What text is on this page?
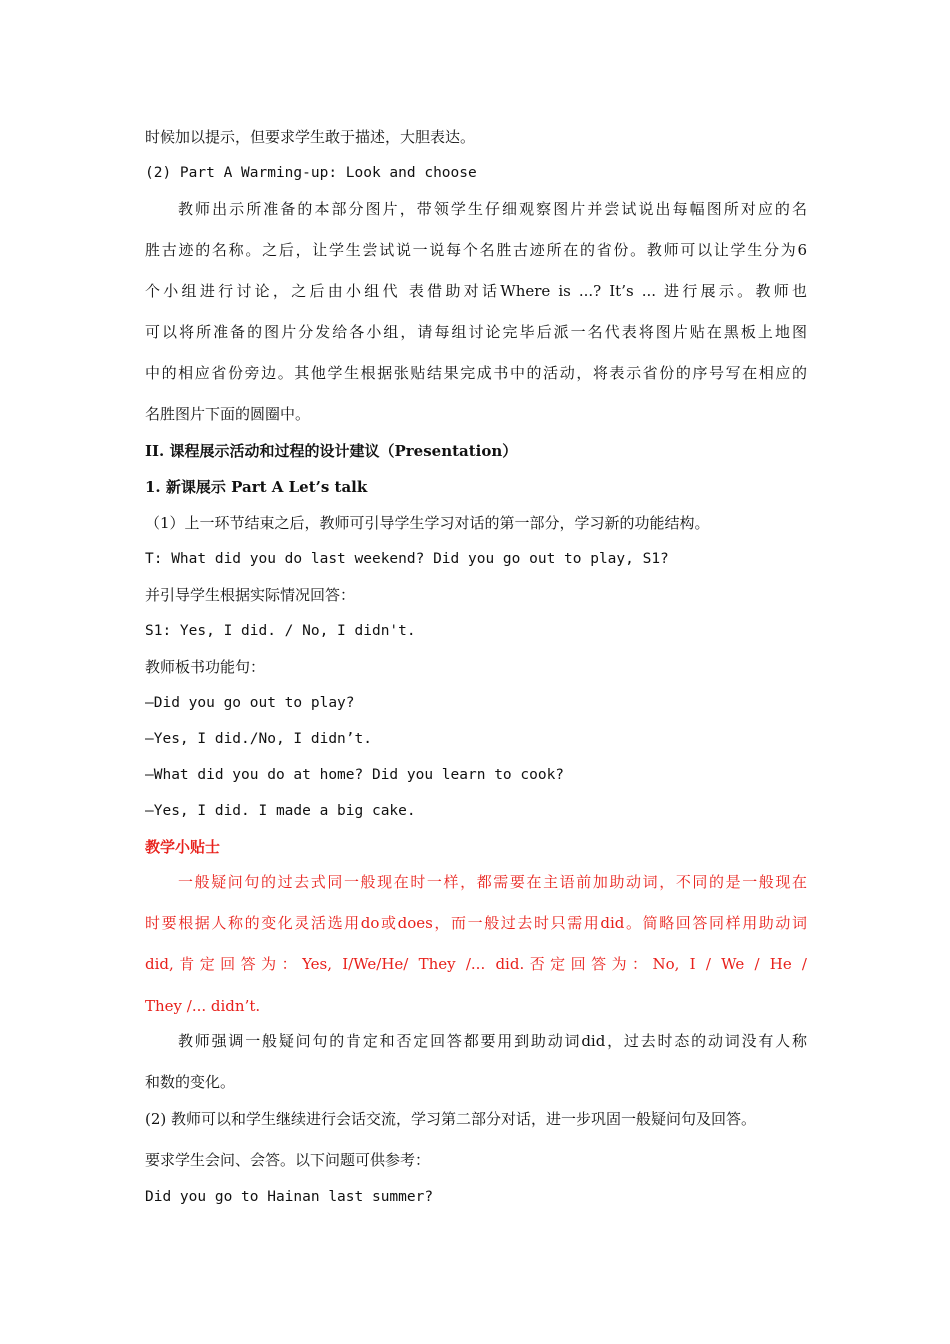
时候加以提示，但要求学生敢于描述，大胆表达。
(2) Part A Warming-up: Look and choose
教师出示所准备的本部分图片，带领学生仔细观察图片并尝试说出每幅图所对应的名
胜古迹的名称。之后，让学生尝试说一说每个名胜古迹所在的省份。教师可以让学生分为6
个小组进行讨论，之后由小组代 表借助对话Where is ...? It’s ... 进行展示。教师也
可以将所准备的图片分发给各小组，请每组讨论完毕后派一名代表将图片贴在黑板上地图
中的相应省份旁边。其他学生根据张贴结果完成书中的活动，将表示省份的序号写在相应的
名胜图片下面的圆圈中。
II. 课程展示活动和过程的设计建议（Presentation）
1. 新课展示 Part A Let’s talk
（1）上一环节结束之后，教师可引导学生学习对话的第一部分，学习新的功能结构。
T: What did you do last weekend? Did you go out to play, S1?
并引导学生根据实际情况回答：
S1: Yes, I did. / No, I didn't.
教师板书功能句：
—Did you go out to play?
—Yes, I did./No, I didn’t.
—What did you do at home? Did you learn to cook?
—Yes, I did. I made a big cake.
教学小贴士
一般疑问句的过去式同一般现在时一样，都需要在主语前加助动词，不同的是一般现在
时要根据人称的变化灵活选用do或does，而一般过去时只需用did。简略回答同样用助动词
did,肯定回答为：Yes, I/We/He/ They /... did.否定回答为：No, I / We / He /
They /... didn’t.
教师强调一般疑问句的肯定和否定回答都要用到助动词did，过去时态的动词没有人称
和数的变化。
(2) 教师可以和学生继续进行会话交流，学习第二部分对话，进一步巩固一般疑问句及回答。
要求学生会问、会答。以下问题可供参考：
Did you go to Hainan last summer?
